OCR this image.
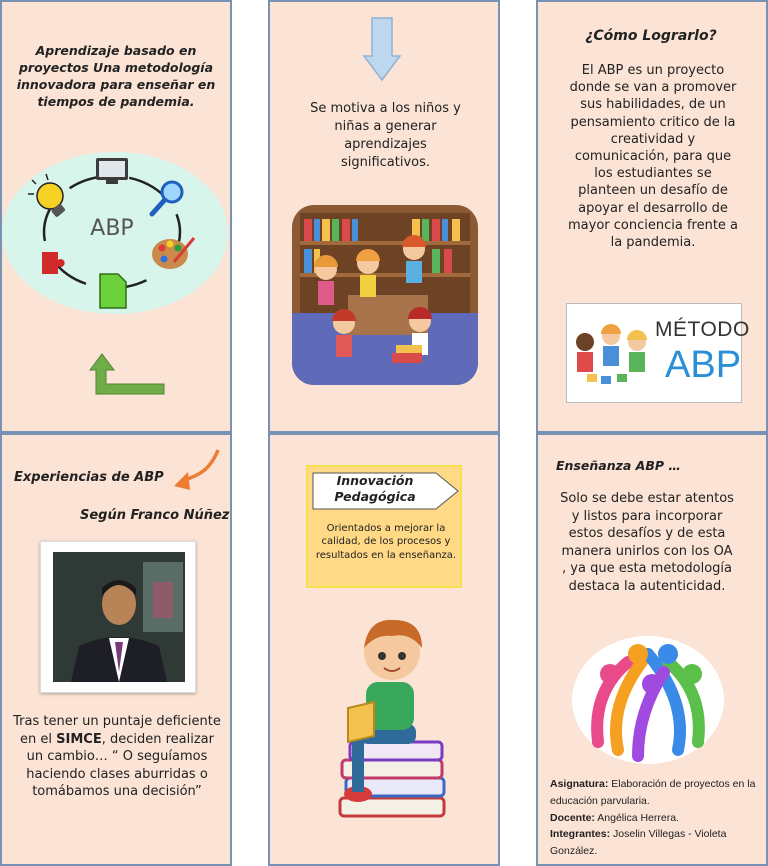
Aprendizaje basado en proyectos Una metodología innovadora para enseñar en tiempos de pandemia.
ABP
Se motiva a los niños y niñas a generar aprendizajes significativos.
¿Cómo Lograrlo?
El ABP es un proyecto donde se van a promover sus habilidades, de un pensamiento critico de la creatividad y comunicación, para que los estudiantes se planteen un desafío de apoyar el desarrollo de mayor conciencia frente a la pandemia.
MÉTODO
ABP
Experiencias de ABP
Según Franco Núñez
Tras tener un puntaje deficiente en el SIMCE, deciden realizar un cambio… “ O seguíamos haciendo clases aburridas o tomábamos una decisión”
Innovación Pedagógica
Orientados a mejorar la calidad, de los procesos y resultados en la enseñanza.
Enseñanza ABP …
Solo se debe estar atentos y listos para incorporar estos desafíos y de esta manera unirlos con los OA , ya que esta metodología destaca la autenticidad.
Asignatura: Elaboración de proyectos en la educación parvularia.
Docente: Angélica Herrera.
Integrantes: Joselin Villegas - Violeta González.
